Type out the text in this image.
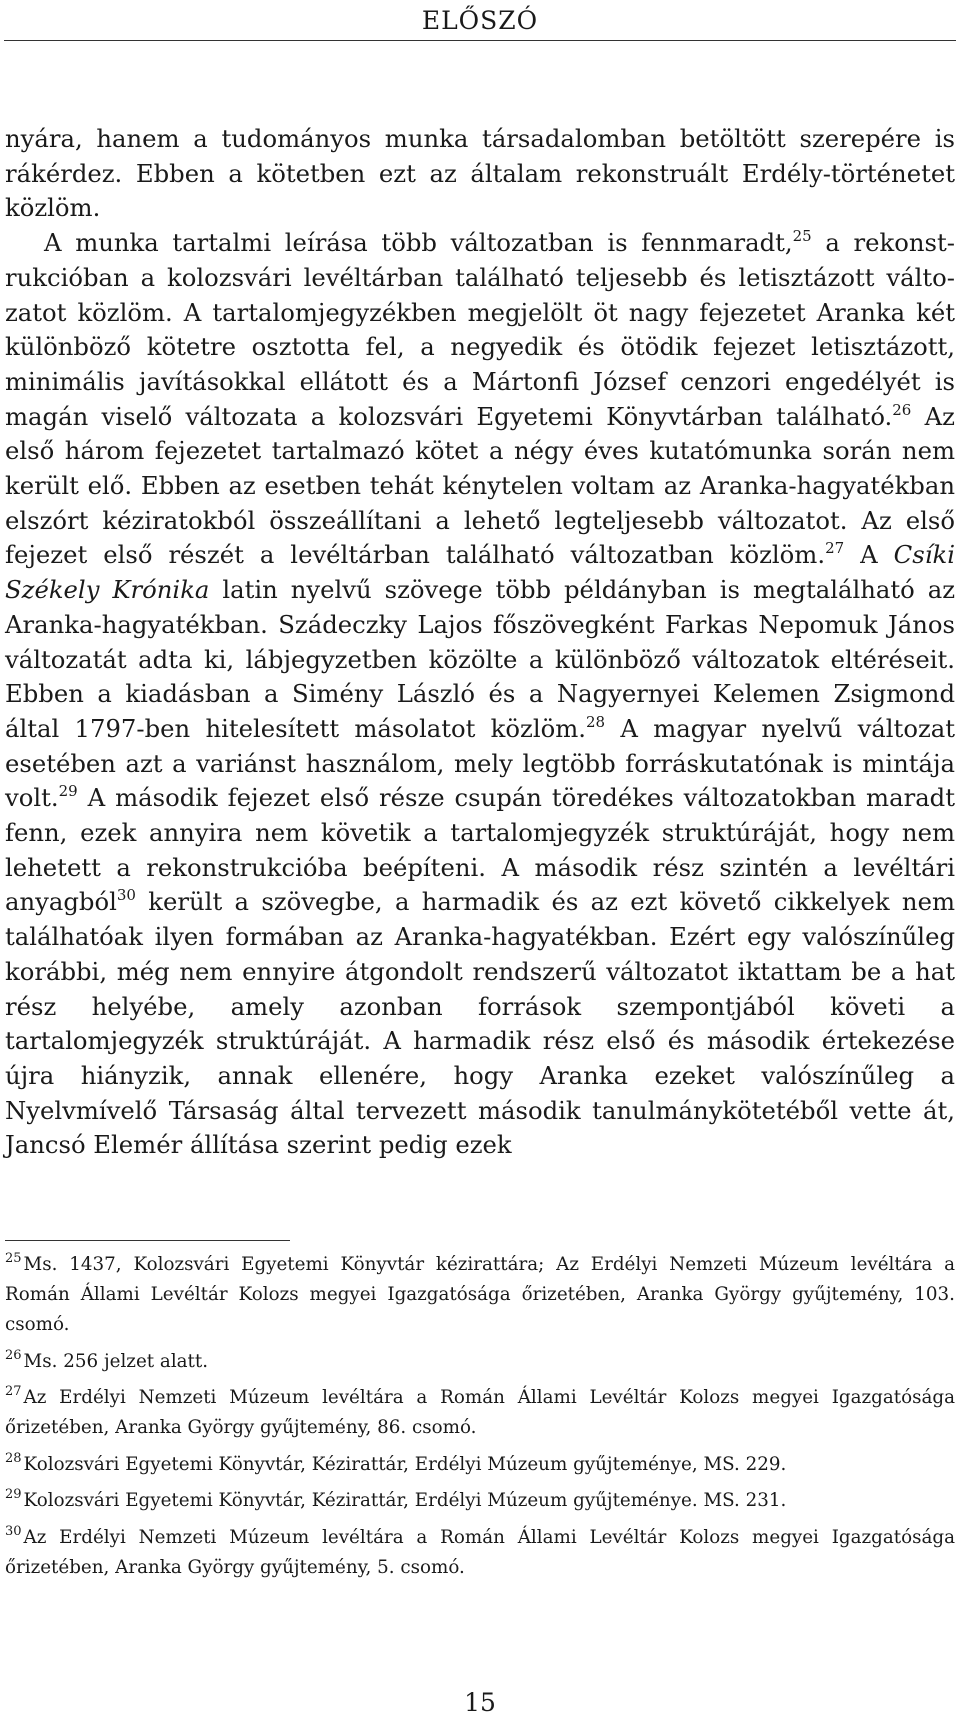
ELŐSZÓ

nyára, hanem a tudományos munka társadalomban betöltött szerepére is rákérdez. Ebben a kötetben ezt az általam rekonstruált Erdély-történetet közlöm.

A munka tartalmi leírása több változatban is fennmaradt,$^{25}$ a rekonstrukcióban a kolozsvári levéltárban található teljesebb és letisztázott változatot közlöm. A tartalomjegyzékben megjelölt öt nagy fejezetet Aranka két különböző kötetre osztotta fel, a negyedik és ötödik fejezet letisztázott, minimális javításokkal ellátott és a Mártonfi József cenzori engedélyét is magán viselő változata a kolozsvári Egyetemi Könyvtárban található.$^{26}$ Az első három fejezetet tartalmazó kötet a négy éves kutatómunka során nem került elő. Ebben az esetben tehát kénytelen voltam az Aranka-hagyatékban elszórt kéziratokból összeállítani a lehető legteljesebb változatot. Az első fejezet első részét a levéltárban található változatban közlöm.$^{27}$ A Csíki Székely Krónika latin nyelvű szövege több példányban is megtalálható az Aranka-hagyatékban. Szádeczky Lajos főszövegként Farkas Nepomuk János változatát adta ki, lábjegyzetben közölte a különböző változatok eltéréseit. Ebben a kiadásban a Simény László és a Nagyernyei Kelemen Zsigmond által 1797-ben hitelesített másolatot közlöm.$^{28}$ A magyar nyelvű változat esetében azt a variánst használom, mely legtöbb forráskutatónak is mintája volt.$^{29}$ A második fejezet első része csupán töredékes változatokban maradt fenn, ezek annyira nem követik a tartalomjegyzék struktúráját, hogy nem lehetett a rekonstrukcióba beépíteni. A második rész szintén a levéltári anyagból$^{30}$ került a szövegbe, a harmadik és az ezt követő cikkelyek nem találhatóak ilyen formában az Aranka-hagyatékban. Ezért egy valószínűleg korábbi, még nem ennyire átgondolt rendszerű változatot iktattam be a hat rész helyébe, amely azonban források szempontjából követi a tartalomjegyzék struktúráját. A harmadik rész első és második értekezése újra hiányzik, annak ellenére, hogy Aranka ezeket valószínűleg a Nyelvmívelő Társaság által tervezett második tanulmánykötetéből vette át, Jancsó Elemér állítása szerint pedig ezek

$^{25}$ Ms. 1437, Kolozsvári Egyetemi Könyvtár kézirattára; Az Erdélyi Nemzeti Múzeum levéltára a Román Állami Levéltár Kolozs megyei Igazgatósága őrizetében, Aranka György gyűjtemény, 103. csomó.

$^{26}$ Ms. 256 jelzet alatt.

$^{27}$ Az Erdélyi Nemzeti Múzeum levéltára a Román Állami Levéltár Kolozs megyei Igazgatósága őrizetében, Aranka György gyűjtemény, 86. csomó.

$^{28}$ Kolozsvári Egyetemi Könyvtár, Kézirattár, Erdélyi Múzeum gyűjteménye, MS. 229.

$^{29}$ Kolozsvári Egyetemi Könyvtár, Kézirattár, Erdélyi Múzeum gyűjteménye. MS. 231.

$^{30}$ Az Erdélyi Nemzeti Múzeum levéltára a Román Állami Levéltár Kolozs megyei Igazgatósága őrizetében, Aranka György gyűjtemény, 5. csomó.

15
